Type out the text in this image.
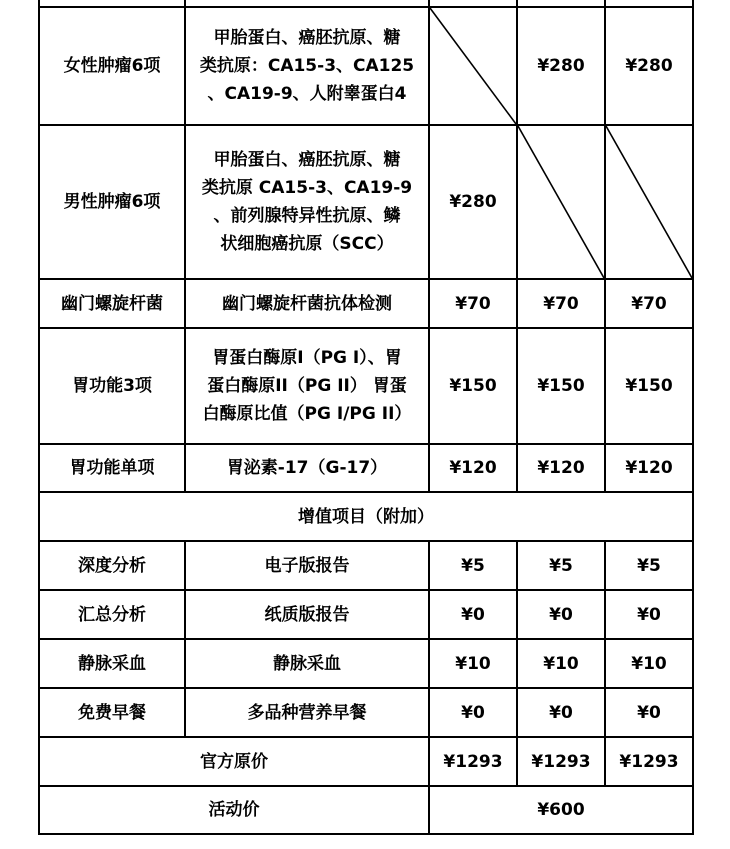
女性肿瘤6项	甲胎蛋白、癌胚抗原、糖
类抗原：CA15-3、CA125
、CA19-9、人附睾蛋白4		¥280	¥280
男性肿瘤6项	甲胎蛋白、癌胚抗原、糖
类抗原 CA15-3、CA19-9
、前列腺特异性抗原、鳞
状细胞癌抗原（SCC）	¥280	

幽门螺旋杆菌	幽门螺旋杆菌抗体检测	¥70	¥70	¥70
胃功能3项	胃蛋白酶原I（PG I）、胃
蛋白酶原II（PG II） 胃蛋
白酶原比值（PG I/PG II）	¥150	¥150	¥150
胃功能单项	胃泌素-17（G-17）	¥120	¥120	¥120
增值项目（附加）				
深度分析	电子版报告	¥5	¥5	¥5
汇总分析	纸质版报告	¥0	¥0	¥0
静脉采血	静脉采血	¥10	¥10	¥10
免费早餐	多品种营养早餐	¥0	¥0	¥0
官方原价		¥1293	¥1293	¥1293
活动价		¥600		
